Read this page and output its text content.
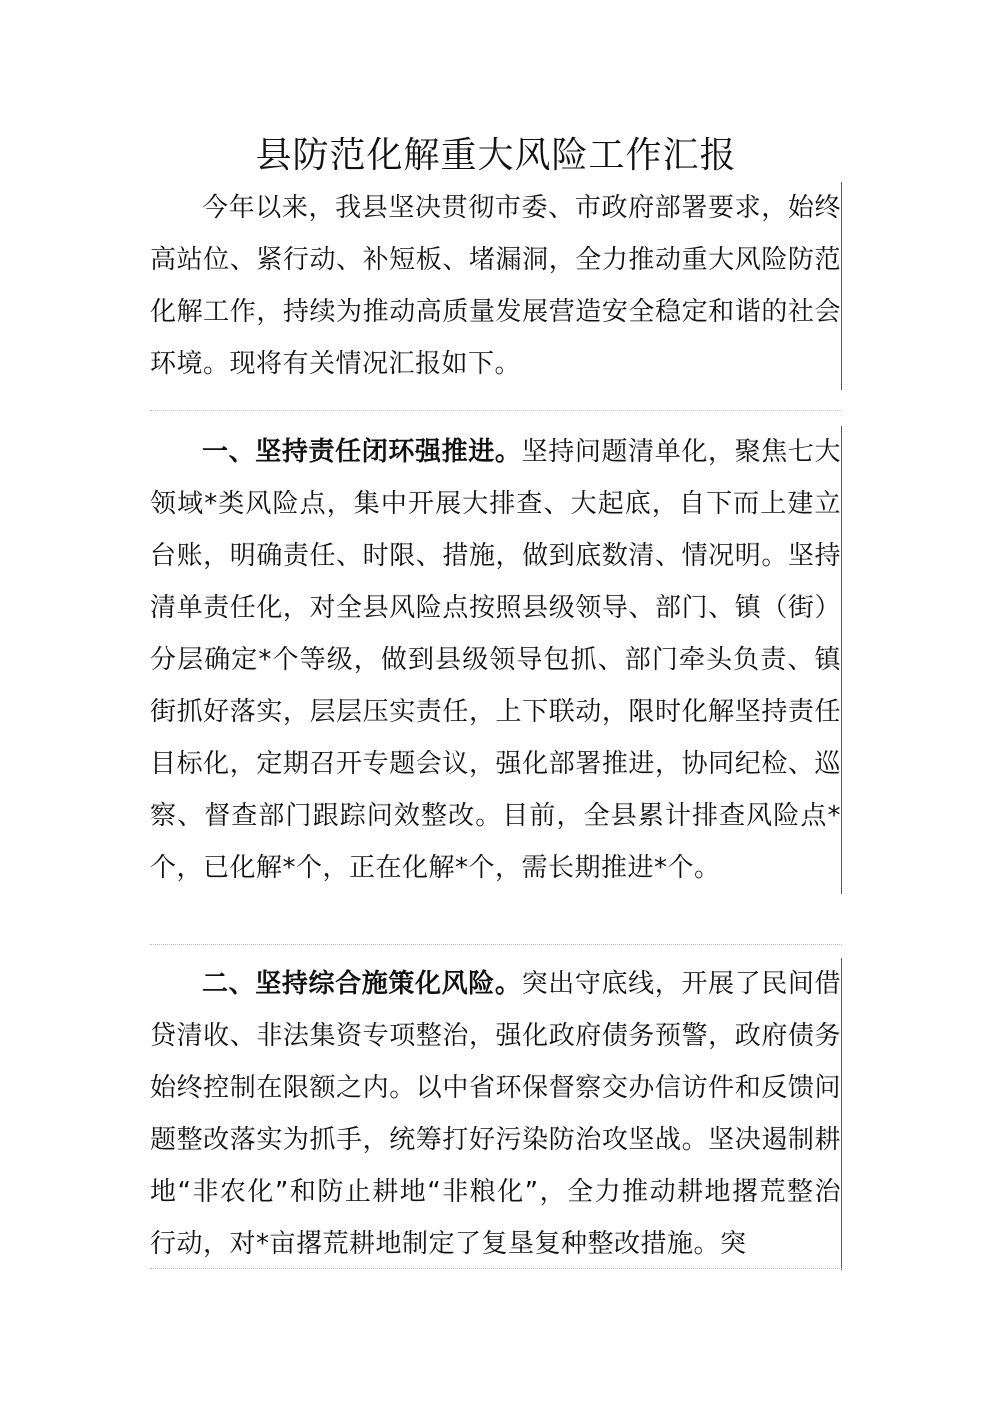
县防范化解重大风险工作汇报
今年以来，我县坚决贯彻市委、市政府部署要求，始终高站位、紧行动、补短板、堵漏洞，全力推动重大风险防范化解工作，持续为推动高质量发展营造安全稳定和谐的社会环境。现将有关情况汇报如下。
一、坚持责任闭环强推进。坚持问题清单化，聚焦七大领域*类风险点，集中开展大排查、大起底，自下而上建立台账，明确责任、时限、措施，做到底数清、情况明。坚持清单责任化，对全县风险点按照县级领导、部门、镇（街）分层确定*个等级，做到县级领导包抓、部门牵头负责、镇街抓好落实，层层压实责任，上下联动，限时化解坚持责任目标化，定期召开专题会议，强化部署推进，协同纪检、巡察、督查部门跟踪问效整改。目前，全县累计排查风险点*个，已化解*个，正在化解*个，需长期推进*个。
二、坚持综合施策化风险。突出守底线，开展了民间借贷清收、非法集资专项整治，强化政府债务预警，政府债务始终控制在限额之内。以中省环保督察交办信访件和反馈问题整改落实为抓手，统筹打好污染防治攻坚战。坚决遏制耕地“非农化”和防止耕地“非粮化”，全力推动耕地撂荒整治行动，对*亩撂荒耕地制定了复垦复种整改措施。突
